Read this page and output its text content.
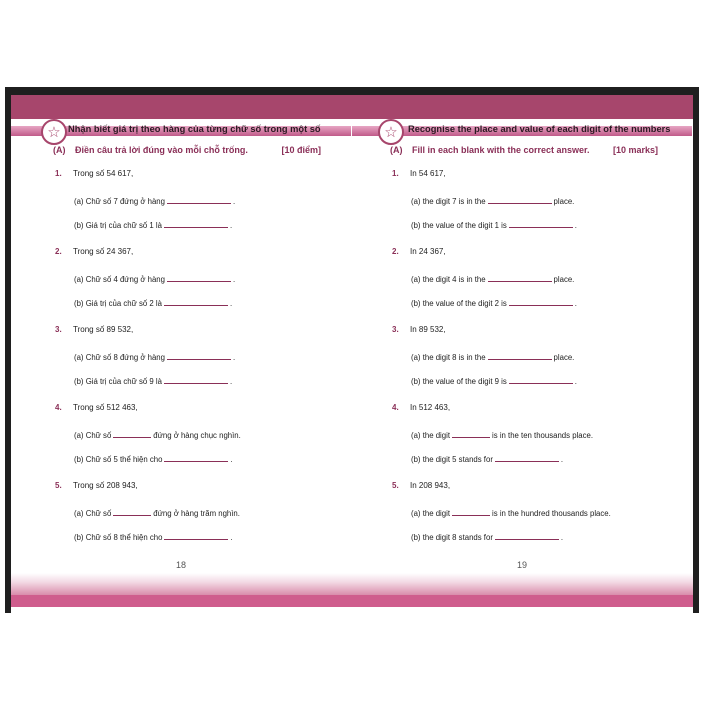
☆ Nhận biết giá trị theo hàng của từng chữ số trong một số
(A) Điền câu trả lời đúng vào mỗi chỗ trống.	[10 điểm]
1. Trong số 54 617,
(a) Chữ số 7 đứng ở hàng	.
(b) Giá trị của chữ số 1 là	.
2. Trong số 24 367,
(a) Chữ số 4 đứng ở hàng	.
(b) Giá trị của chữ số 2 là	.
3. Trong số 89 532,
(a) Chữ số 8 đứng ở hàng	.
(b) Giá trị của chữ số 9 là	.
4. Trong số 512 463,
(a) Chữ số	đứng ở hàng chục nghìn.
(b) Chữ số 5 thể hiện cho	.
5. Trong số 208 943,
(a) Chữ số	đứng ở hàng trăm nghìn.
(b) Chữ số 8 thể hiện cho	.
18
☆	Recognise the place and value of each digit of the numbers
(A) Fill in each blank with the correct answer.	[10 marks]
1. In 54 617,
(a) the digit 7 is in the	place.
(b) the value of the digit 1 is	.
2. In 24 367,
(a) the digit 4 is in the	place.
(b) the value of the digit 2 is	.
3. In 89 532,
(a) the digit 8 is in the	place.
(b) the value of the digit 9 is	.
4. In 512 463,
(a) the digit	is in the ten thousands place.
(b) the digit 5 stands for	.
5. In 208 943,
(a) the digit	is in the hundred thousands place.
(b) the digit 8 stands for	.
19
